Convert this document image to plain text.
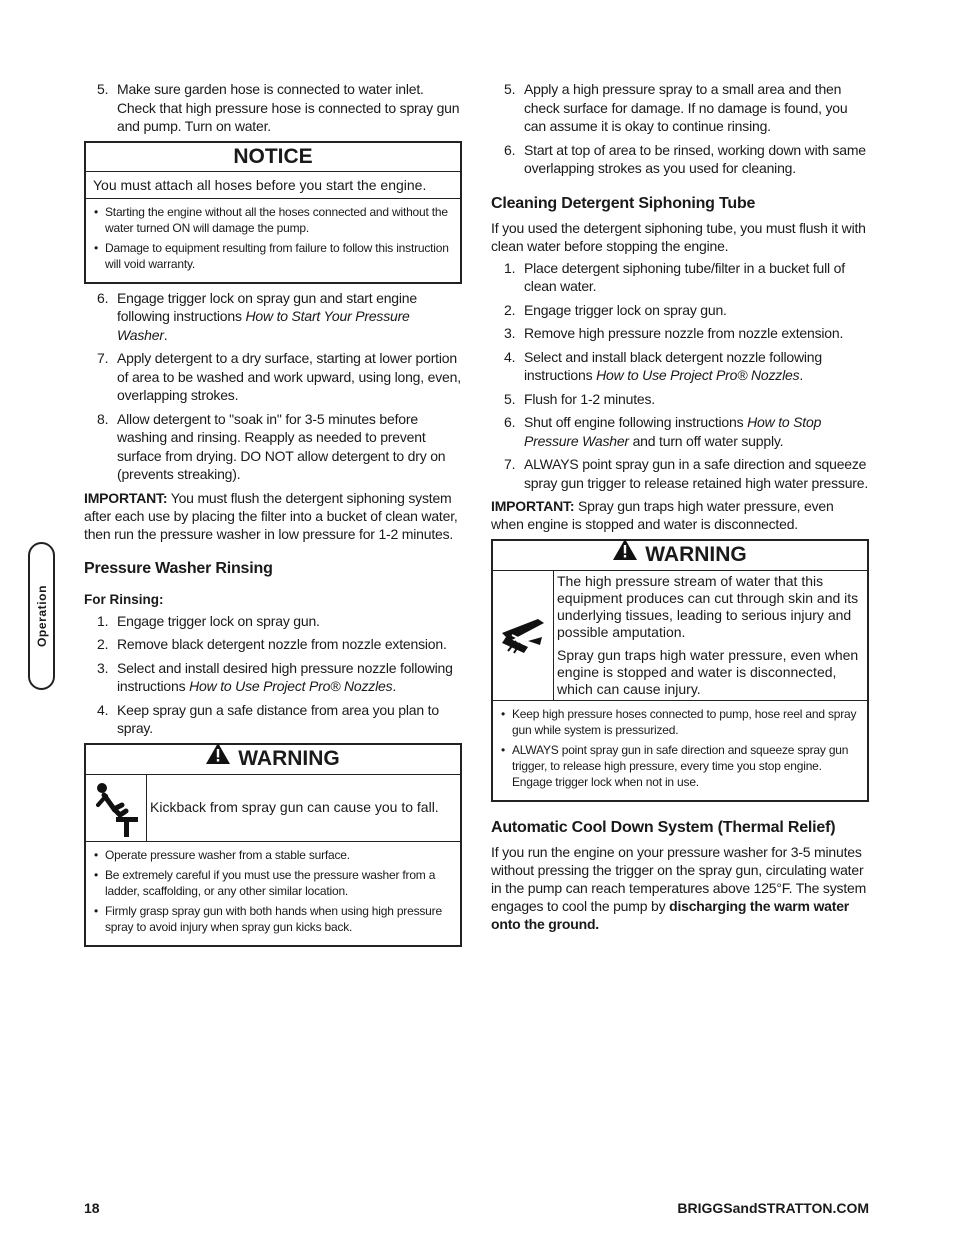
Operation
5. Make sure garden hose is connected to water inlet. Check that high pressure hose is connected to spray gun and pump. Turn on water.
NOTICE
You must attach all hoses before you start the engine.
• Starting the engine without all the hoses connected and without the water turned ON will damage the pump.
• Damage to equipment resulting from failure to follow this instruction will void warranty.
6. Engage trigger lock on spray gun and start engine following instructions How to Start Your Pressure Washer.
7. Apply detergent to a dry surface, starting at lower portion of area to be washed and work upward, using long, even, overlapping strokes.
8. Allow detergent to "soak in" for 3-5 minutes before washing and rinsing. Reapply as needed to prevent surface from drying. DO NOT allow detergent to dry on (prevents streaking).

IMPORTANT: You must flush the detergent siphoning system after each use by placing the filter into a bucket of clean water, then run the pressure washer in low pressure for 1-2 minutes.

Pressure Washer Rinsing
For Rinsing:
1. Engage trigger lock on spray gun.
2. Remove black detergent nozzle from nozzle extension.
3. Select and install desired high pressure nozzle following instructions How to Use Project Pro® Nozzles.
4. Keep spray gun a safe distance from area you plan to spray.
WARNING
Kickback from spray gun can cause you to fall.
• Operate pressure washer from a stable surface.
• Be extremely careful if you must use the pressure washer from a ladder, scaffolding, or any other similar location.
• Firmly grasp spray gun with both hands when using high pressure spray to avoid injury when spray gun kicks back.
5. Apply a high pressure spray to a small area and then check surface for damage. If no damage is found, you can assume it is okay to continue rinsing.
6. Start at top of area to be rinsed, working down with same overlapping strokes as you used for cleaning.
Cleaning Detergent Siphoning Tube

If you used the detergent siphoning tube, you must flush it with clean water before stopping the engine.

1. Place detergent siphoning tube/filter in a bucket full of clean water.
2. Engage trigger lock on spray gun.
3. Remove high pressure nozzle from nozzle extension.
4. Select and install black detergent nozzle following instructions How to Use Project Pro® Nozzles.
5. Flush for 1-2 minutes.
6. Shut off engine following instructions How to Stop Pressure Washer and turn off water supply.
7. ALWAYS point spray gun in a safe direction and squeeze spray gun trigger to release retained high water pressure.

IMPORTANT: Spray gun traps high water pressure, even when engine is stopped and water is disconnected.

WARNING
The high pressure stream of water that this equipment produces can cut through skin and its underlying tissues, leading to serious injury and possible amputation.
Spray gun traps high water pressure, even when engine is stopped and water is disconnected, which can cause injury.
• Keep high pressure hoses connected to pump, hose reel and spray gun while system is pressurized.
• ALWAYS point spray gun in safe direction and squeeze spray gun trigger, to release high pressure, every time you stop engine. Engage trigger lock when not in use.
Automatic Cool Down System (Thermal Relief)

If you run the engine on your pressure washer for 3-5 minutes without pressing the trigger on the spray gun, circulating water in the pump can reach temperatures above 125°F. The system engages to cool the pump by discharging the warm water onto the ground.

18	BRIGGSandSTRATTON.COM
